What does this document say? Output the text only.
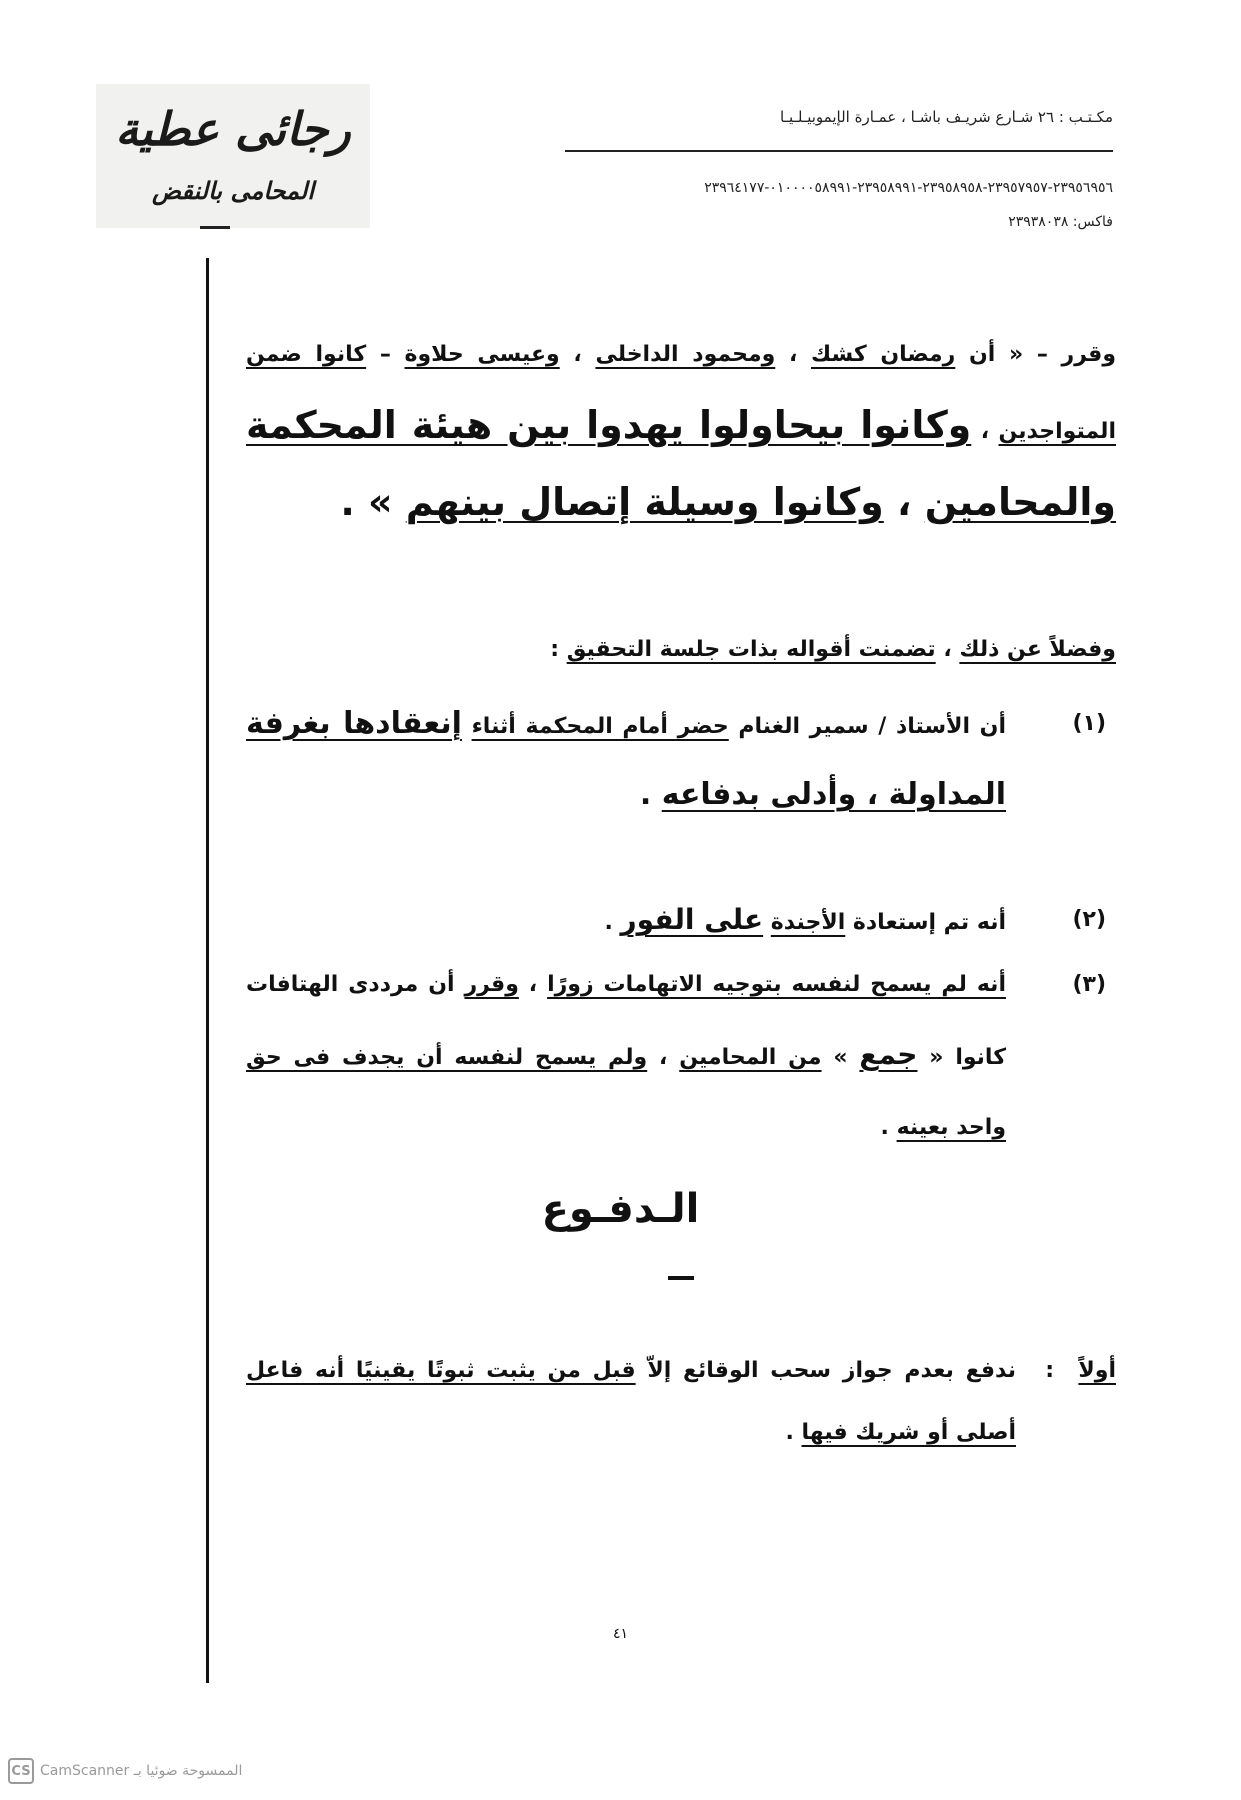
رجائى عطية
المحامى بالنقض
مكـتـب : ٢٦ شـارع شريـف باشـا ، عمـارة الإيموبيـلـيـا
٢٣٩٥٦٩٥٦-٢٣٩٥٧٩٥٧-٢٣٩٥٨٩٥٨-٢٣٩٥٨٩٩١-٠١٠٠٠٠٥٨٩٩١-٢٣٩٦٤١٧٧
فاكس: ٢٣٩٣٨٠٣٨
وقرر – « أن رمضان كشك ، ومحمود الداخلى ، وعيسى حلاوة – كانوا ضمن المتواجدين ، وكانوا بيحاولوا يهدوا بين هيئة المحكمة والمحامين ، وكانوا وسيلة إتصال بينهم » .
وفضلاً عن ذلك ، تضمنت أقواله بذات جلسة التحقيق :
(١)
أن الأستاذ / سمير الغنام حضر أمام المحكمة أثناء إنعقادها بغرفة المداولة ، وأدلى بدفاعه .
(٢)
أنه تم إستعادة الأجندة على الفور .
(٣)
أنه لم يسمح لنفسه بتوجيه الاتهامات زورًا ، وقرر أن مرددى الهتافات كانوا « جمع » من المحامين ، ولم يسمح لنفسه أن يجدف فى حق واحد بعينه .
الـدفـوع
أولاً
:
ندفع بعدم جواز سحب الوقائع إلاّ قبل من يثبت ثبوتًا يقينيًا أنه فاعل أصلى أو شريك فيها .
٤١
CS الممسوحة ضوئيا بـ CamScanner
